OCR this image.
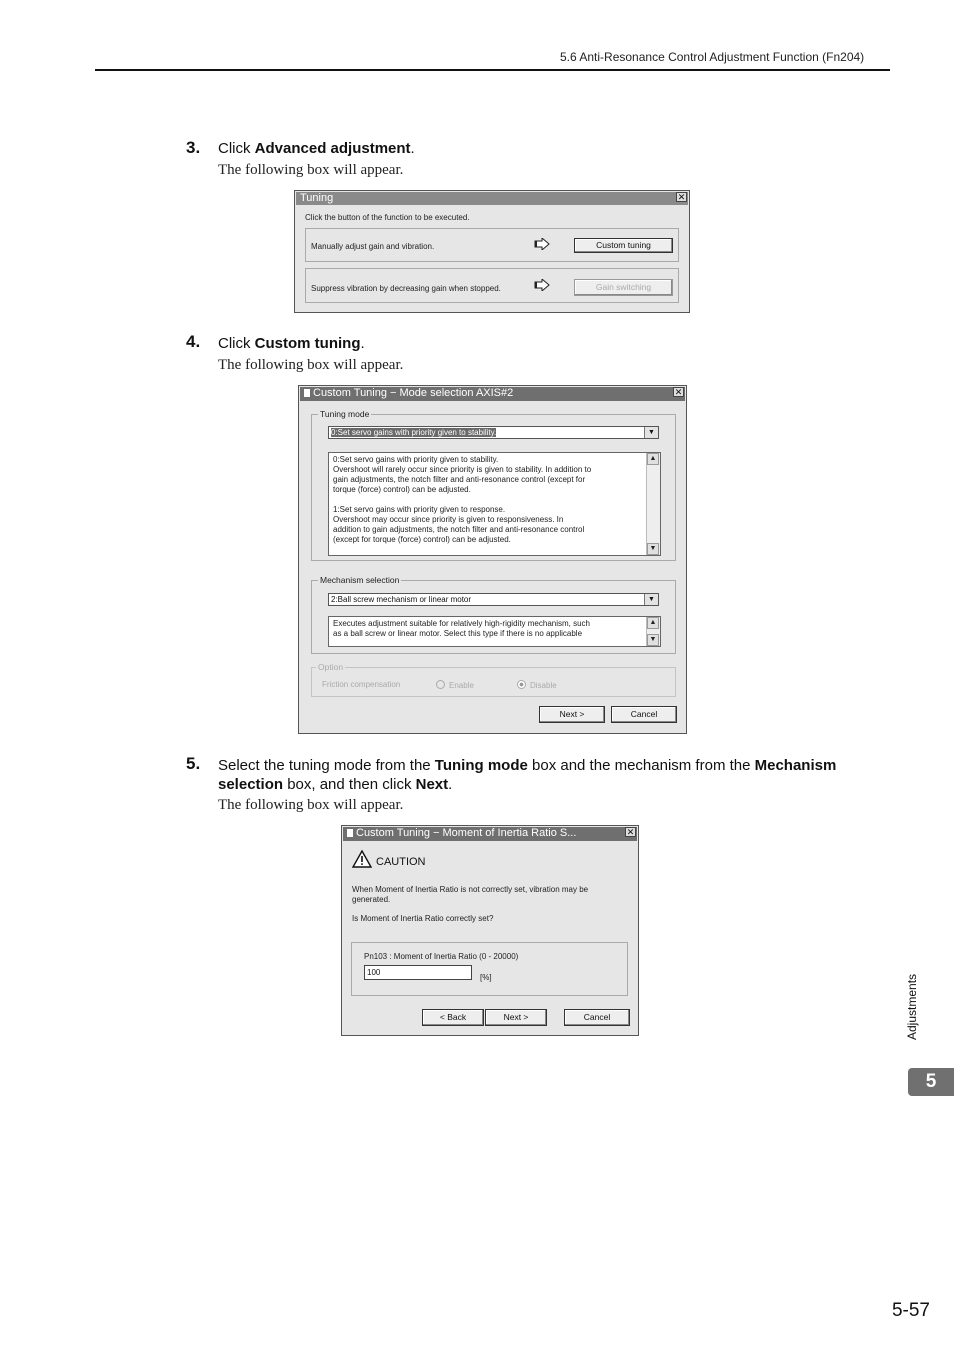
5.6 Anti-Resonance Control Adjustment Function (Fn204)
3. Click Advanced adjustment.
The following box will appear.
Tuning	✕
Click the button of the function to be executed.
Manually adjust gain and vibration.	Custom tuning
Suppress vibration by decreasing gain when stopped.	Gain switching
4. Click Custom tuning.
The following box will appear.
Custom Tuning − Mode selection AXIS#2	✕
Tuning mode
0:Set servo gains with priority given to stability.	▼
0:Set servo gains with priority given to stability.
Overshoot will rarely occur since priority is given to stability. In addition to
gain adjustments, the notch filter and anti-resonance control (except for
torque (force) control) can be adjusted.
1:Set servo gains with priority given to response.
Overshoot may occur since priority is given to responsiveness. In
addition to gain adjustments, the notch filter and anti-resonance control
(except for torque (force) control) can be adjusted.
▲
▼
Mechanism selection
2:Ball screw mechanism or linear motor	▼
Executes adjustment suitable for relatively high-rigidity mechanism, such
as a ball screw or linear motor. Select this type if there is no applicable
▲
▼
Option
Friction compensation	Enable	Disable
Next >	Cancel
5. Select the tuning mode from the Tuning mode box and the mechanism from the Mechanism
selection box, and then click Next.
The following box will appear.
Custom Tuning − Moment of Inertia Ratio S...	✕
CAUTION
When Moment of Inertia Ratio is not correctly set, vibration may be
generated.
Is Moment of Inertia Ratio correctly set?
Pn103 : Moment of Inertia Ratio (0 - 20000)
100
[%]
< Back	Next >	Cancel	Adjustments
5
5-57
